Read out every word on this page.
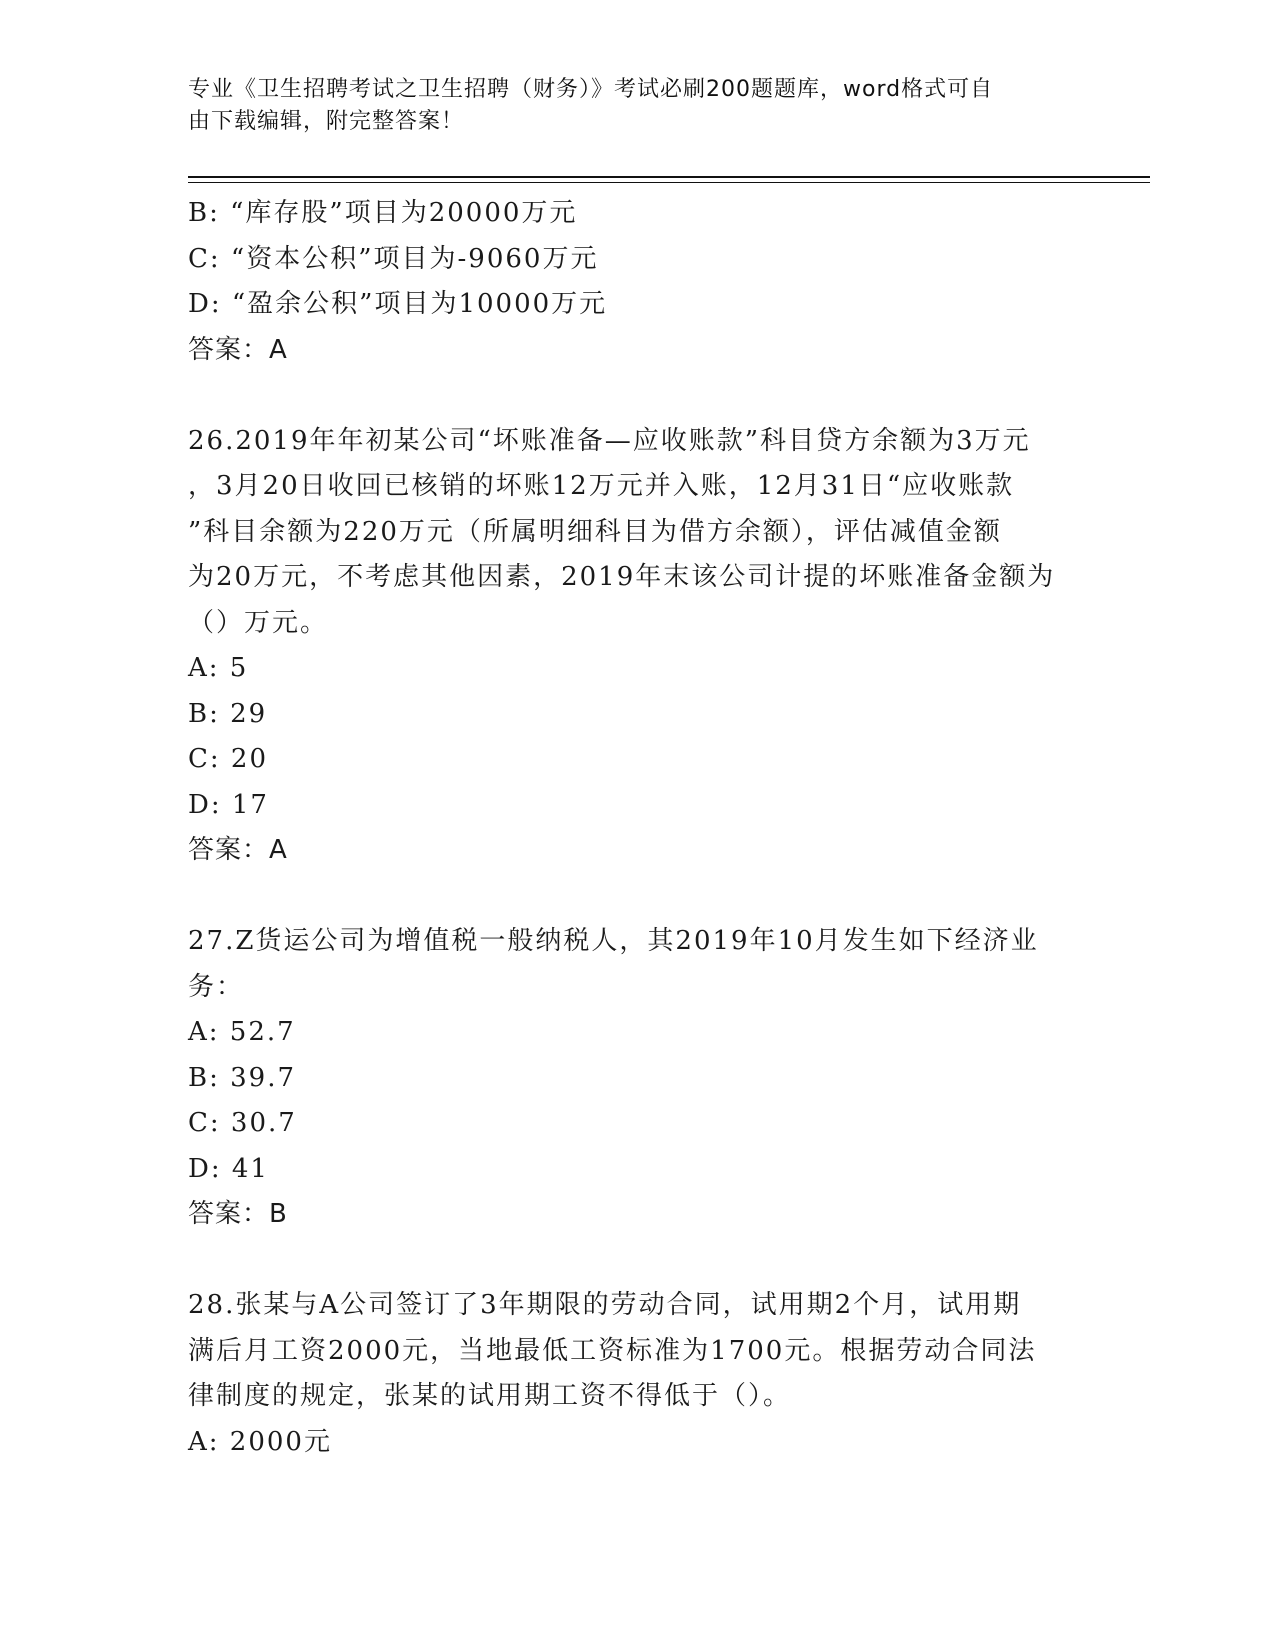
专业《卫生招聘考试之卫生招聘（财务）》考试必刷200题题库，word格式可自
由下载编辑，附完整答案！
B: “库存股”项目为20000万元
C: “资本公积”项目为-9060万元
D: “盈余公积”项目为10000万元
答案：A
26.2019年年初某公司“坏账准备—应收账款”科目贷方余额为3万元
，3月20日收回已核销的坏账12万元并入账，12月31日“应收账款
”科目余额为220万元（所属明细科目为借方余额），评估减值金额
为20万元，不考虑其他因素，2019年末该公司计提的坏账准备金额为
（）万元。
A: 5
B: 29
C: 20
D: 17
答案：A
27.Z货运公司为增值税一般纳税人，其2019年10月发生如下经济业
务：
A: 52.7
B: 39.7
C: 30.7
D: 41
答案：B
28.张某与A公司签订了3年期限的劳动合同，试用期2个月，试用期
满后月工资2000元，当地最低工资标准为1700元。根据劳动合同法
律制度的规定，张某的试用期工资不得低于（）。
A: 2000元
